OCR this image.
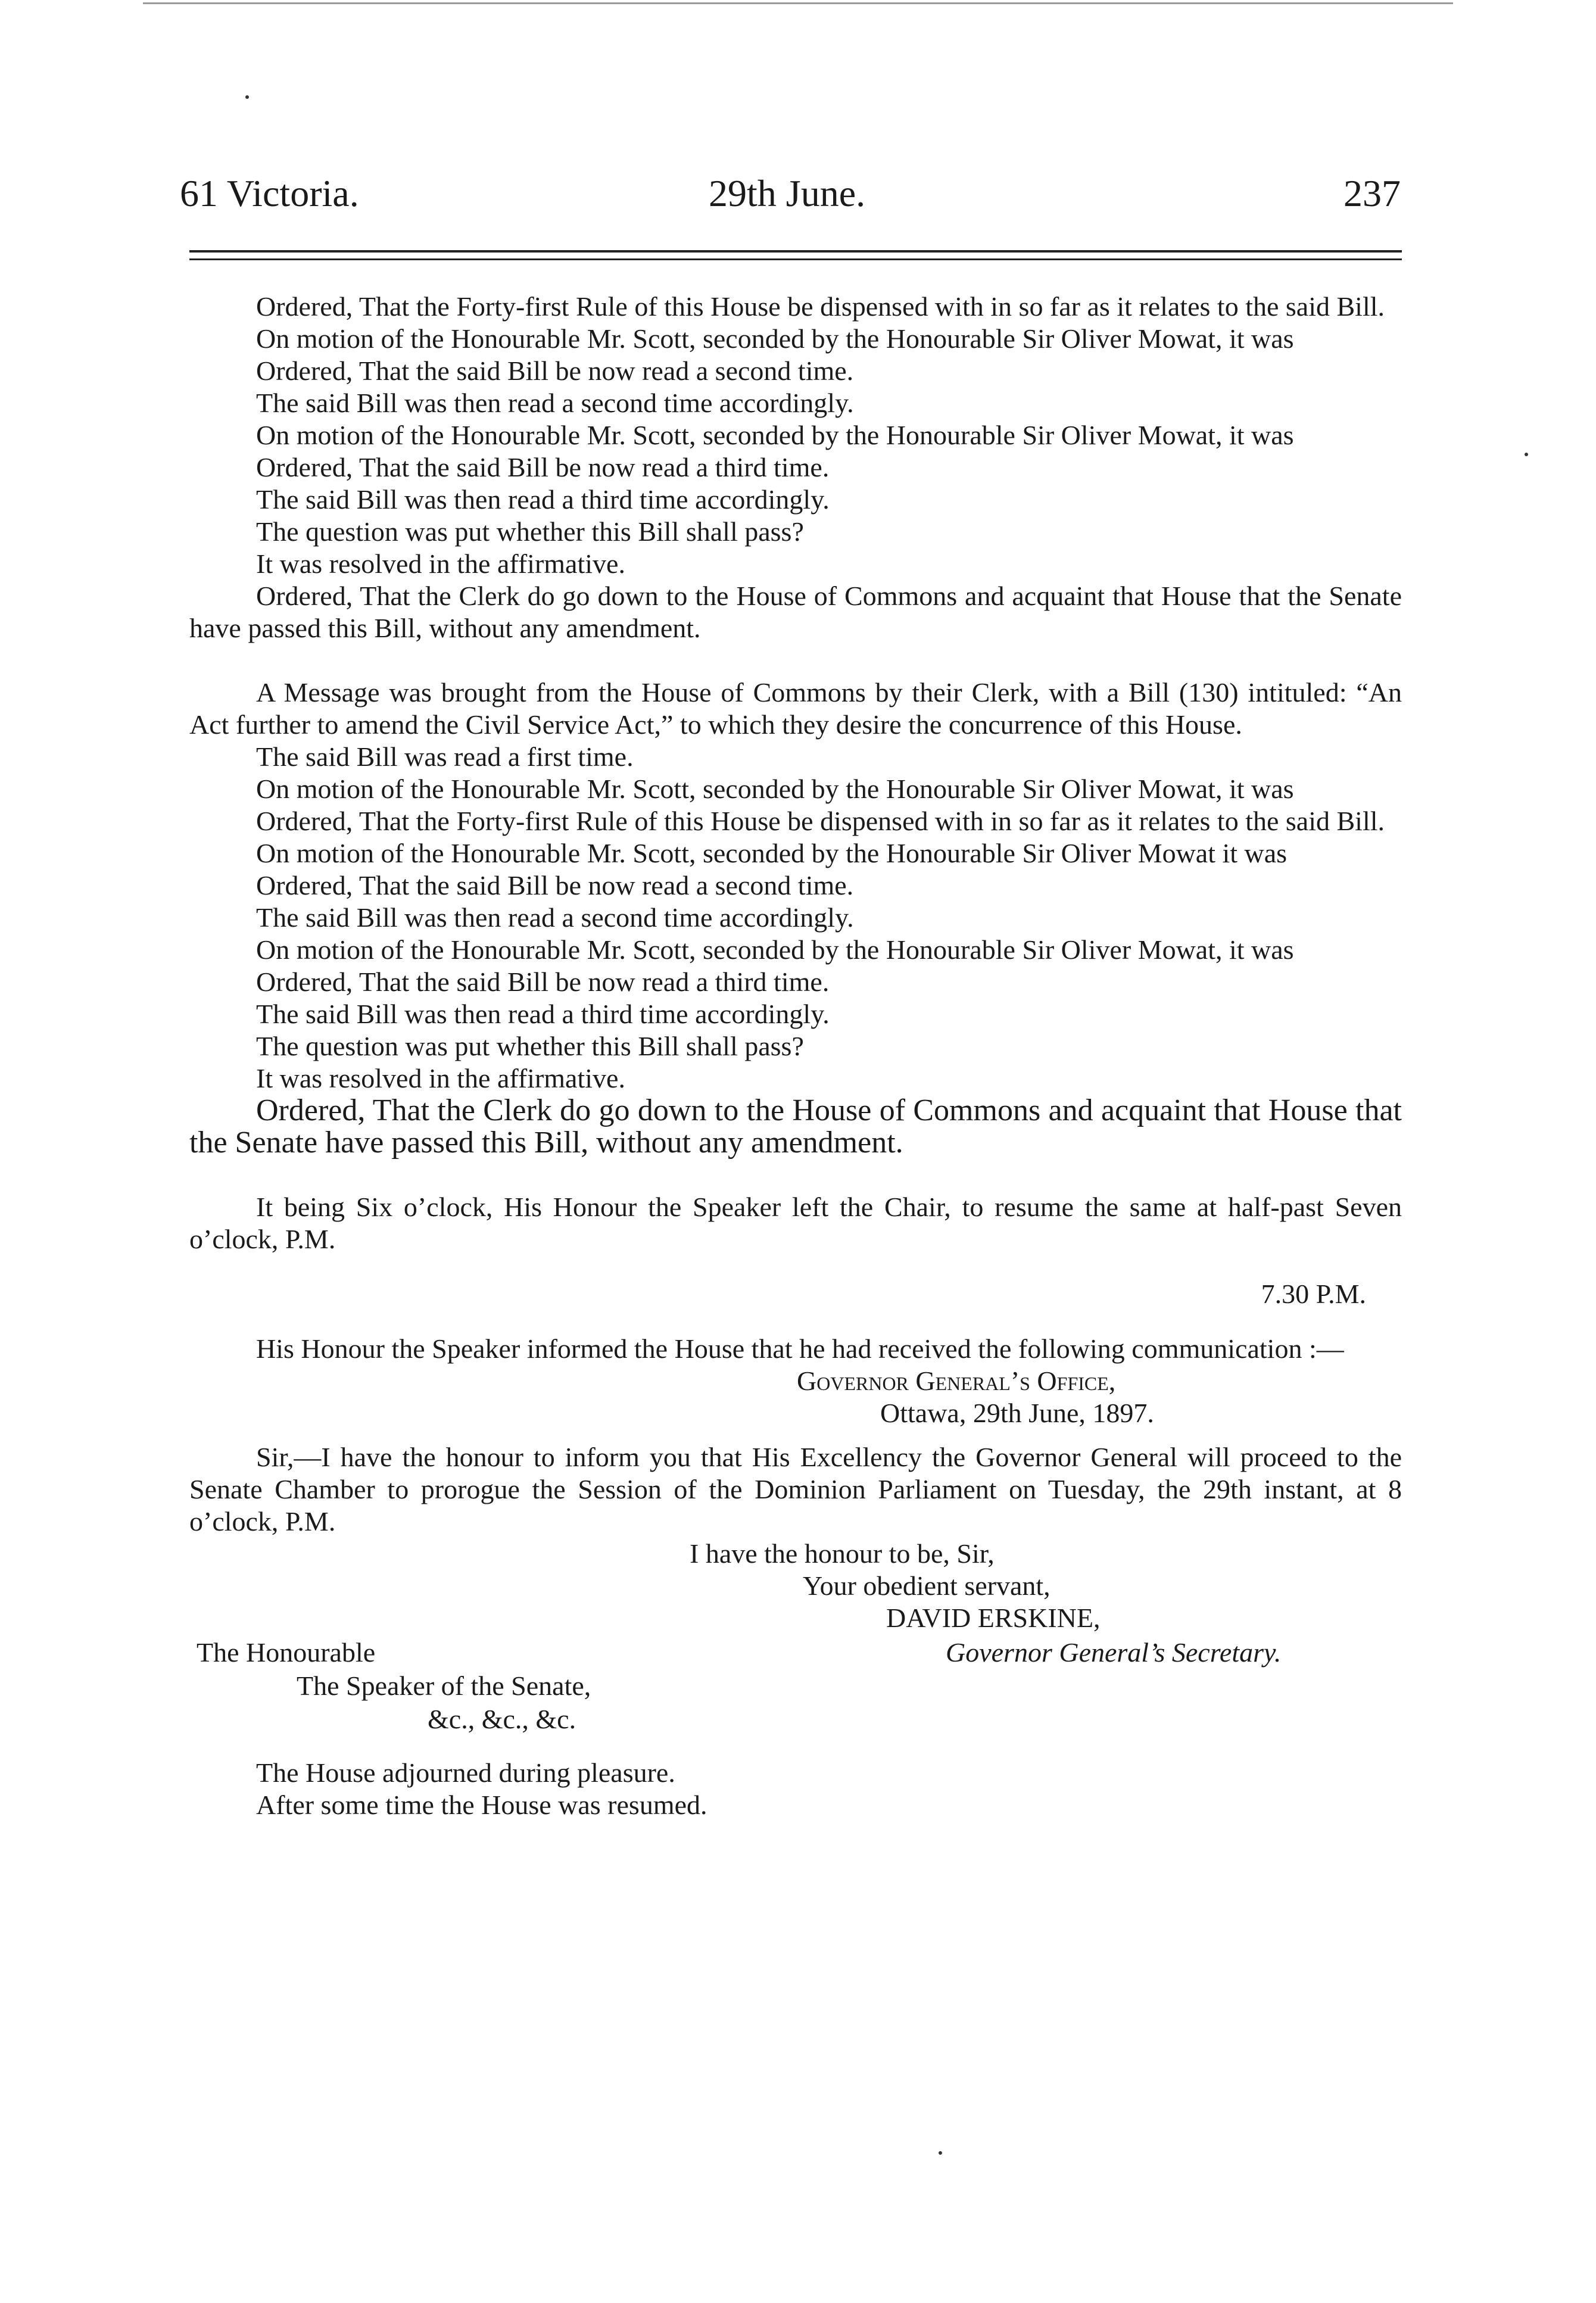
61 Victoria.	29th June.	237

Ordered, That the Forty-first Rule of this House be dispensed with in so far as it relates to the said Bill.

On motion of the Honourable Mr. Scott, seconded by the Honourable Sir Oliver Mowat, it was

Ordered, That the said Bill be now read a second time.

The said Bill was then read a second time accordingly.

On motion of the Honourable Mr. Scott, seconded by the Honourable Sir Oliver Mowat, it was

Ordered, That the said Bill be now read a third time.

The said Bill was then read a third time accordingly.

The question was put whether this Bill shall pass?

It was resolved in the affirmative.

Ordered, That the Clerk do go down to the House of Commons and acquaint that House that the Senate have passed this Bill, without any amendment.

A Message was brought from the House of Commons by their Clerk, with a Bill (130) intituled: “An Act further to amend the Civil Service Act,” to which they desire the concurrence of this House.

The said Bill was read a first time.

On motion of the Honourable Mr. Scott, seconded by the Honourable Sir Oliver Mowat, it was

Ordered, That the Forty-first Rule of this House be dispensed with in so far as it relates to the said Bill.

On motion of the Honourable Mr. Scott, seconded by the Honourable Sir Oliver Mowat it was

Ordered, That the said Bill be now read a second time.

The said Bill was then read a second time accordingly.

On motion of the Honourable Mr. Scott, seconded by the Honourable Sir Oliver Mowat, it was

Ordered, That the said Bill be now read a third time.

The said Bill was then read a third time accordingly.

The question was put whether this Bill shall pass?

It was resolved in the affirmative.

Ordered, That the Clerk do go down to the House of Commons and acquaint that House that the Senate have passed this Bill, without any amendment.

It being Six o’clock, His Honour the Speaker left the Chair, to resume the same at half-past Seven o’clock, P.M.

7.30 P.M.

His Honour the Speaker informed the House that he had received the following communication :—

Governor General’s Office,

Ottawa, 29th June, 1897.

Sir,—I have the honour to inform you that His Excellency the Governor General will proceed to the Senate Chamber to prorogue the Session of the Dominion Parliament on Tuesday, the 29th instant, at 8 o’clock, P.M.

I have the honour to be, Sir,
Your obedient servant,
DAVID ERSKINE,
Governor General’s Secretary.
The Honourable
The Speaker of the Senate,
&c., &c., &c.

The House adjourned during pleasure.

After some time the House was resumed.
